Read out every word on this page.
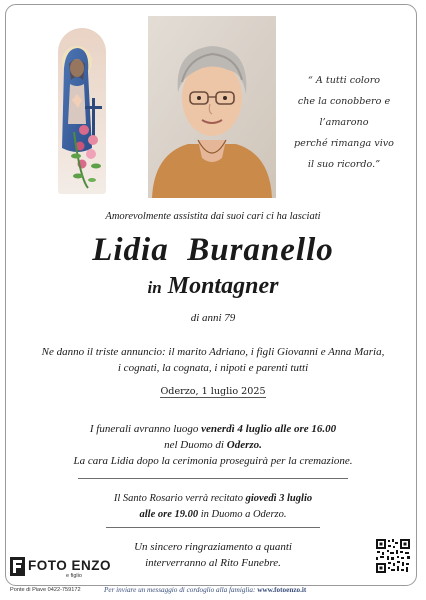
“ A tutti coloro
che la conobbero e l’amarono
perché rimanga vivo
il suo ricordo.”
Amorevolmente assistita dai suoi cari ci ha lasciati
Lidia  Buranello
in Montagner
di anni 79
Ne danno il triste annuncio: il marito Adriano, i figli Giovanni e Anna Maria,
i cognati, la cognata, i nipoti e parenti tutti
Oderzo, 1 luglio 2025
I funerali avranno luogo venerdì 4 luglio alle ore 16.00
nel Duomo di Oderzo.
La cara Lidia dopo la cerimonia proseguirà per la cremazione.
Il Santo Rosario verrà recitato giovedì 3 luglio
alle ore 19.00 in Duomo a Oderzo.
Un sincero ringraziamento a quanti
interverranno al Rito Funebre.
FOTO ENZO
e figlio
Ponte di Piave 0422-759172	Per inviare un messaggio di cordoglio alla famiglia: www.fotoenzo.it
